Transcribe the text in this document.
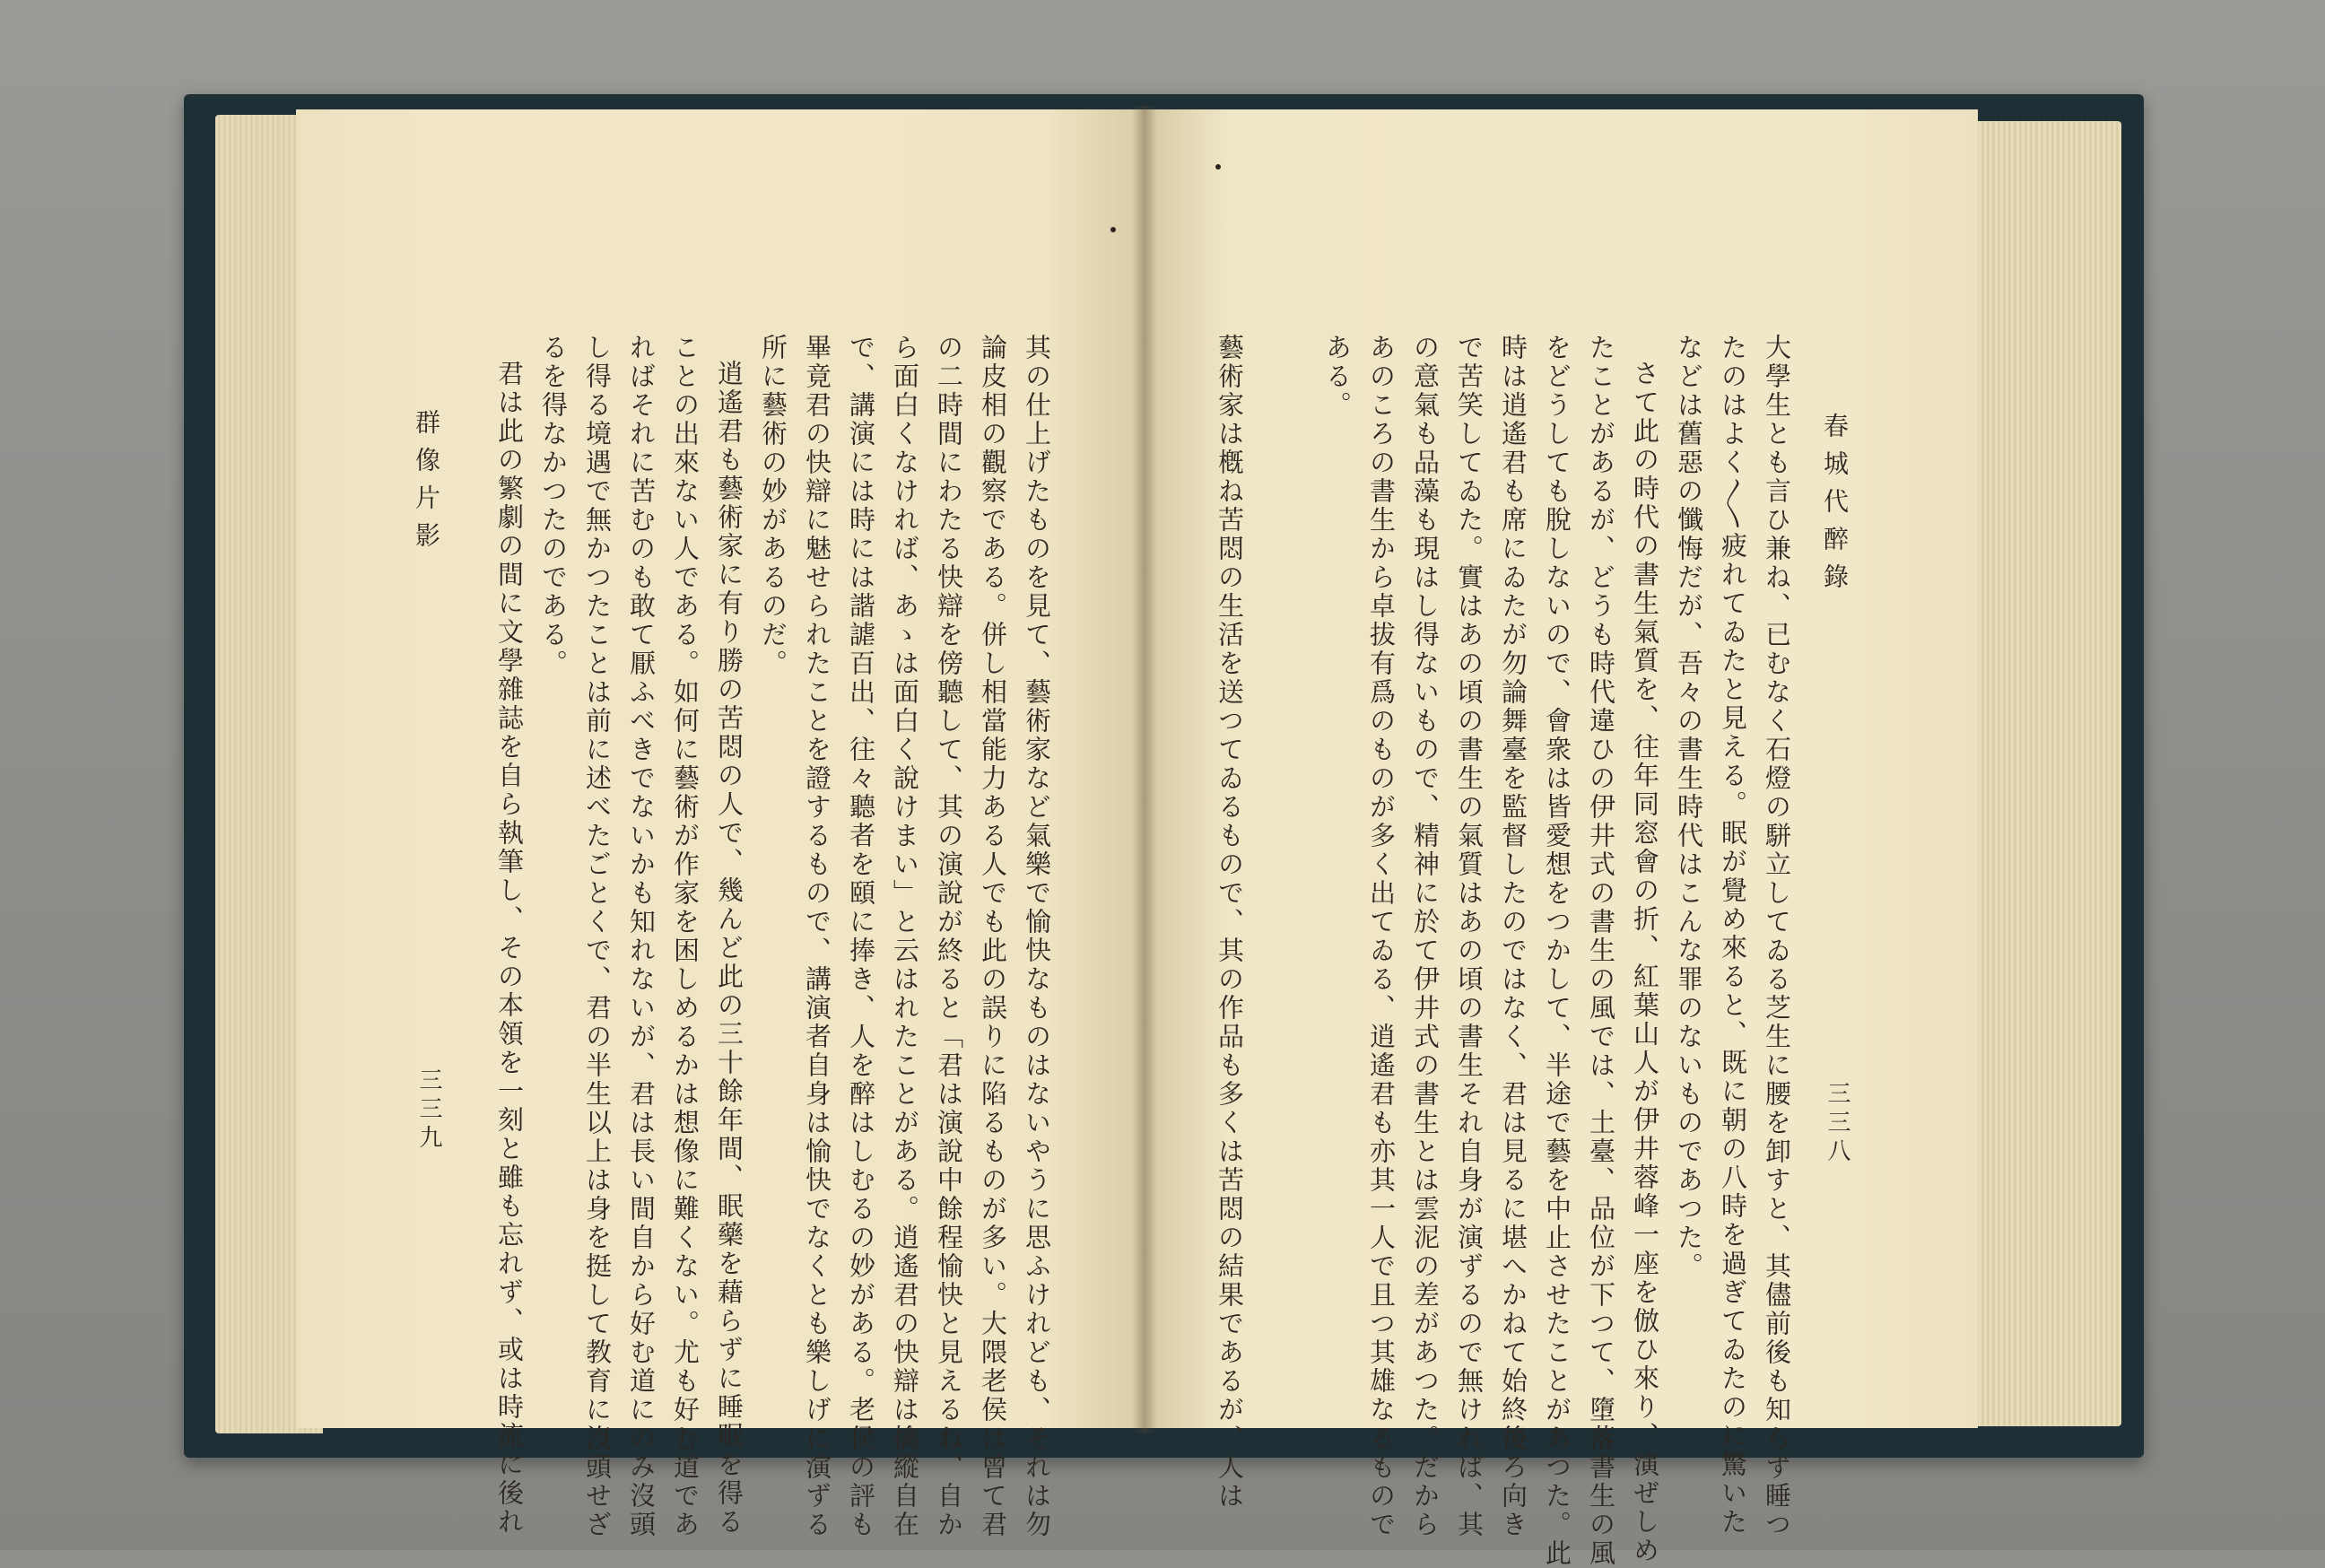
其の仕上げたものを見て、藝術家など氣樂で愉快なものはないやうに思ふけれども、それは勿

論皮相の觀察である。併し相當能力ある人でも此の誤りに陷るものが多い。大隈老侯は曾て君

の二時間にわたる快辯を傍聽して、其の演說が終ると「君は演說中餘程愉快と見えるね、自か

ら面白くなければ、あゝは面白く說けまい」と云はれたことがある。逍遙君の快辯は擒縱自在

で、講演には時には諧謔百出、往々聽者を頤に捧き、人を醉はしむるの妙がある。老侯の評も

畢竟君の快辯に魅せられたことを證するもので、講演者自身は愉快でなくとも樂しげに演ずる

所に藝術の妙があるのだ。

逍遙君も藝術家に有り勝の苦悶の人で、幾んど此の三十餘年間、眠藥を藉らずに睡眠を得る

ことの出來ない人である。如何に藝術が作家を困しめるかは想像に難くない。尤も好む道であ

ればそれに苦むのも敢て厭ふべきでないかも知れないが、君は長い間自から好む道にのみ沒頭

し得る境遇で無かつたことは前に述べたごとくで、君の半生以上は身を挺して教育に沒頭せざ

るを得なかつたのである。

君は此の繁劇の間に文學雜誌を自ら執筆し、その本領を一刻と雖も忘れず、或は時流に後れ

群像片影
三三九
春城代醉錄
三三八

大學生とも言ひ兼ね、已むなく石燈の駢立してゐる芝生に腰を卸すと、其儘前後も知らず睡つ

たのはよく〳〵疲れてゐたと見える。眠が覺め來ると、既に朝の八時を過ぎてゐたのに驚いた

などは舊惡の懺悔だが、吾々の書生時代はこんな罪のないものであつた。

さて此の時代の書生氣質を、往年同窓會の折、紅葉山人が伊井蓉峰一座を倣ひ來り、演ぜしめ

たことがあるが、どうも時代違ひの伊井式の書生の風では、土臺、品位が下つて、墮落書生の風

をどうしても脫しないので、會衆は皆愛想をつかして、半途で藝を中止させたことがあつた。此

時は逍遙君も席にゐたが勿論舞臺を監督したのではなく、君は見るに堪へかねて始終後ろ向き

で苦笑してゐた。實はあの頃の書生の氣質はあの頃の書生それ自身が演ずるので無ければ、其

の意氣も品藻も現はし得ないもので、精神に於て伊井式の書生とは雲泥の差があつた。だから

あのころの書生から卓拔有爲のものが多く出てゐる、逍遙君も亦其一人で且つ其雄なるもので

ある。

藝術家は槪ね苦悶の生活を送つてゐるもので、其の作品も多くは苦悶の結果であるが、人は
